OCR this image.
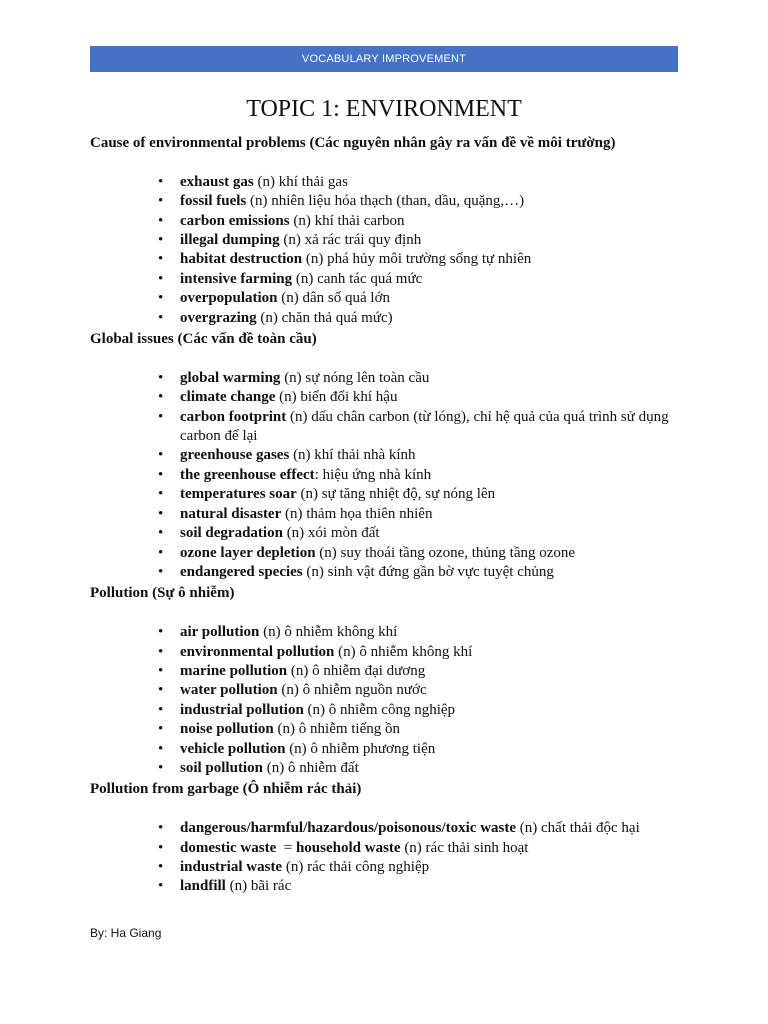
VOCABULARY IMPROVEMENT
TOPIC 1: ENVIRONMENT

Cause of environmental problems (Các nguyên nhân gây ra vấn đề về môi trường)

• exhaust gas (n) khí thải gas
• fossil fuels (n) nhiên liệu hóa thạch (than, dầu, quặng,…)
• carbon emissions (n) khí thải carbon
• illegal dumping (n) xả rác trái quy định
• habitat destruction (n) phá hủy môi trường sống tự nhiên
• intensive farming (n) canh tác quá mức
• overpopulation (n) dân số quá lớn
• overgrazing (n) chăn thả quá mức)

Global issues (Các vấn đề toàn cầu)

• global warming (n) sự nóng lên toàn cầu
• climate change (n) biến đổi khí hậu
• carbon footprint (n) dấu chân carbon (từ lóng), chỉ hệ quả của quá trình sử dụng carbon để lại
• greenhouse gases (n) khí thải nhà kính
• the greenhouse effect: hiệu ứng nhà kính
• temperatures soar (n) sự tăng nhiệt độ, sự nóng lên
• natural disaster (n) thảm họa thiên nhiên
• soil degradation (n) xói mòn đất
• ozone layer depletion (n) suy thoái tầng ozone, thủng tầng ozone
• endangered species (n) sinh vật đứng gần bờ vực tuyệt chủng

Pollution (Sự ô nhiễm)

• air pollution (n) ô nhiễm không khí
• environmental pollution (n) ô nhiễm không khí
• marine pollution (n) ô nhiễm đại dương
• water pollution (n) ô nhiễm nguồn nước
• industrial pollution (n) ô nhiễm công nghiệp
• noise pollution (n) ô nhiễm tiếng ồn
• vehicle pollution (n) ô nhiễm phương tiện
• soil pollution (n) ô nhiễm đất

Pollution from garbage (Ô nhiễm rác thải)

• dangerous/harmful/hazardous/poisonous/toxic waste (n) chất thải độc hại
• domestic waste  = household waste (n) rác thải sinh hoạt
• industrial waste (n) rác thải công nghiệp
• landfill (n) bãi rác
By: Ha Giang
